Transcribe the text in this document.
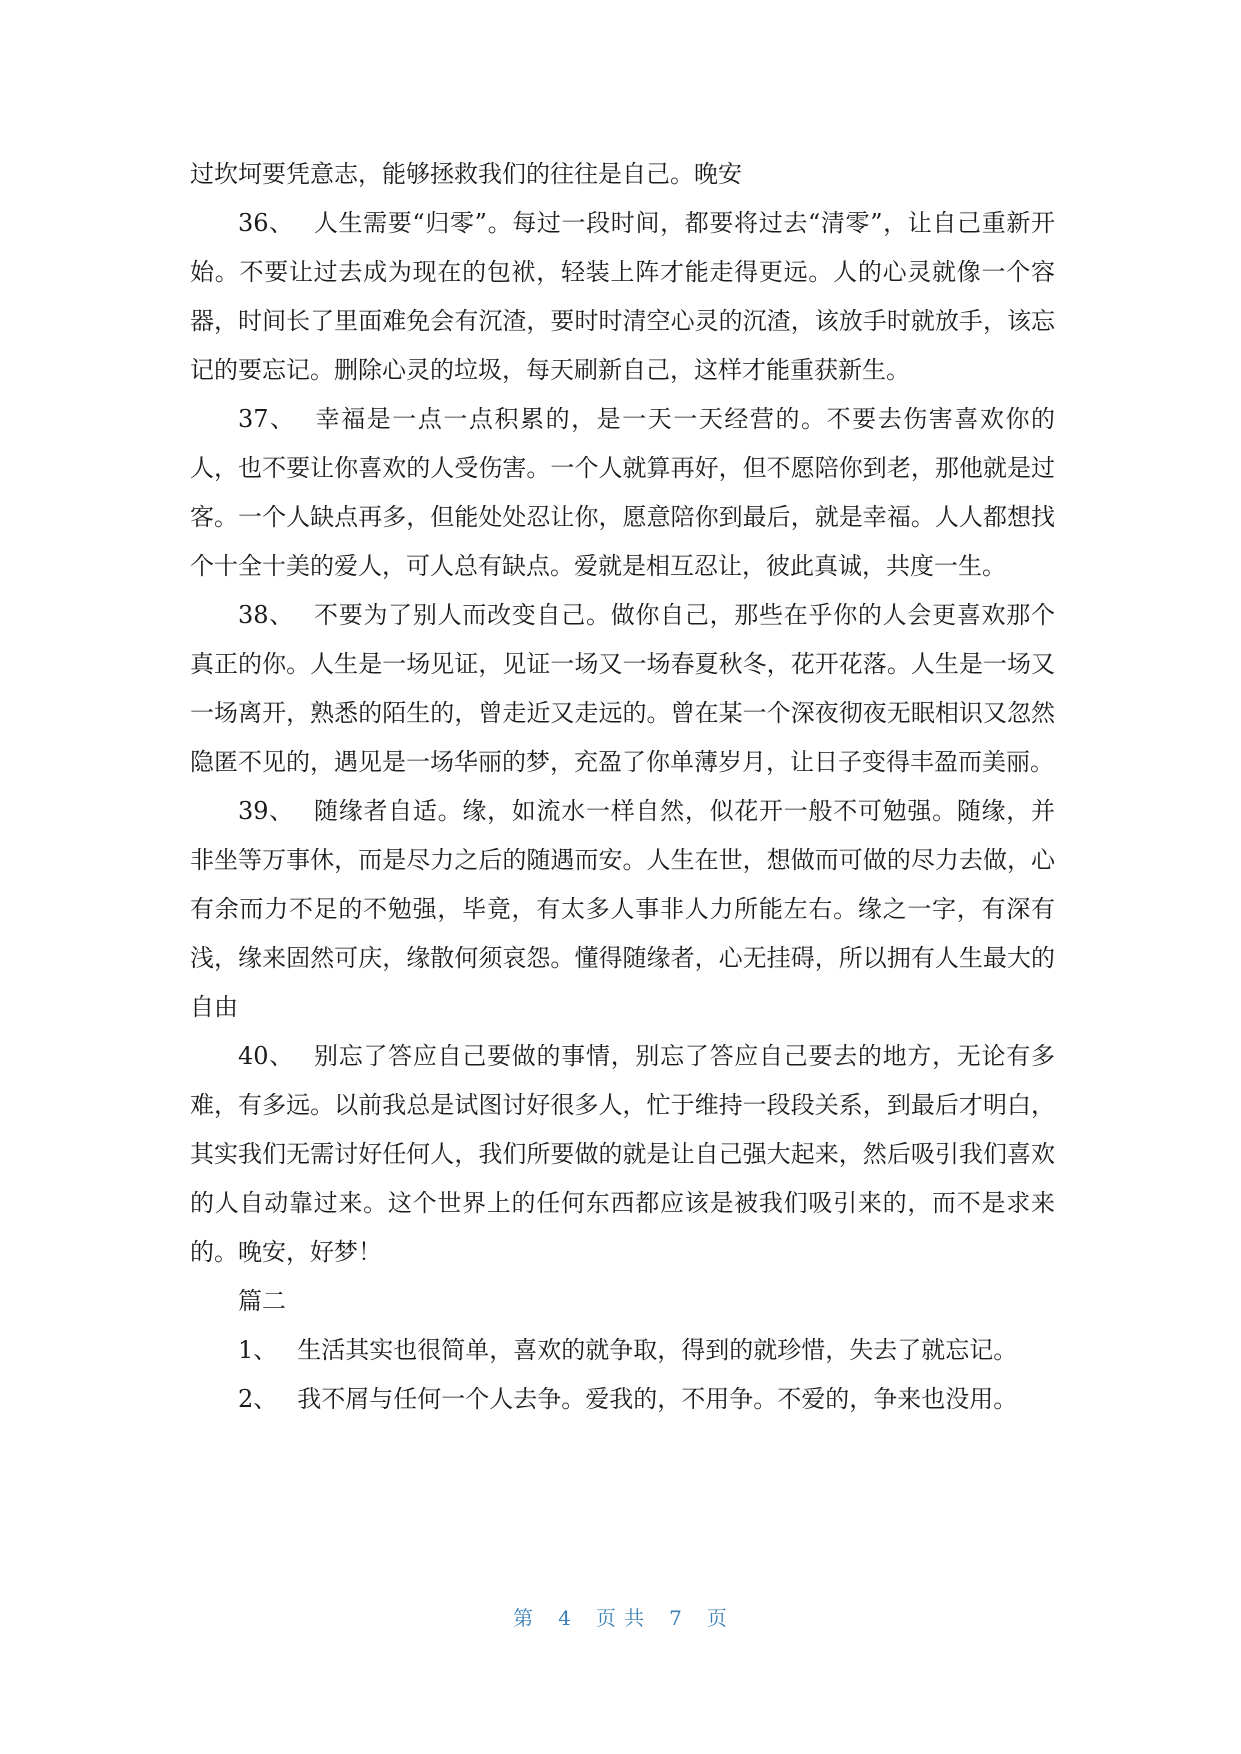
过坎坷要凭意志，能够拯救我们的往往是自己。晚安

36、 人生需要“归零”。每过一段时间，都要将过去“清零”，让自己重新开始。不要让过去成为现在的包袱，轻装上阵才能走得更远。人的心灵就像一个容器，时间长了里面难免会有沉渣，要时时清空心灵的沉渣，该放手时就放手，该忘记的要忘记。删除心灵的垃圾，每天刷新自己，这样才能重获新生。

37、 幸福是一点一点积累的，是一天一天经营的。不要去伤害喜欢你的人，也不要让你喜欢的人受伤害。一个人就算再好，但不愿陪你到老，那他就是过客。一个人缺点再多，但能处处忍让你，愿意陪你到最后，就是幸福。人人都想找个十全十美的爱人，可人总有缺点。爱就是相互忍让，彼此真诚，共度一生。

38、 不要为了别人而改变自己。做你自己，那些在乎你的人会更喜欢那个真正的你。人生是一场见证，见证一场又一场春夏秋冬，花开花落。人生是一场又一场离开，熟悉的陌生的，曾走近又走远的。曾在某一个深夜彻夜无眠相识又忽然隐匿不见的，遇见是一场华丽的梦，充盈了你单薄岁月，让日子变得丰盈而美丽。

39、 随缘者自适。缘，如流水一样自然，似花开一般不可勉强。随缘，并非坐等万事休，而是尽力之后的随遇而安。人生在世，想做而可做的尽力去做，心有余而力不足的不勉强，毕竟，有太多人事非人力所能左右。缘之一字，有深有浅，缘来固然可庆，缘散何须哀怨。懂得随缘者，心无挂碍，所以拥有人生最大的自由

40、 别忘了答应自己要做的事情，别忘了答应自己要去的地方，无论有多难，有多远。以前我总是试图讨好很多人，忙于维持一段段关系，到最后才明白，其实我们无需讨好任何人，我们所要做的就是让自己强大起来，然后吸引我们喜欢的人自动靠过来。这个世界上的任何东西都应该是被我们吸引来的，而不是求来的。晚安，好梦！

篇二

1、 生活其实也很简单，喜欢的就争取，得到的就珍惜，失去了就忘记。

2、 我不屑与任何一个人去争。爱我的，不用争。不爱的，争来也没用。

第 4 页 共 7 页
